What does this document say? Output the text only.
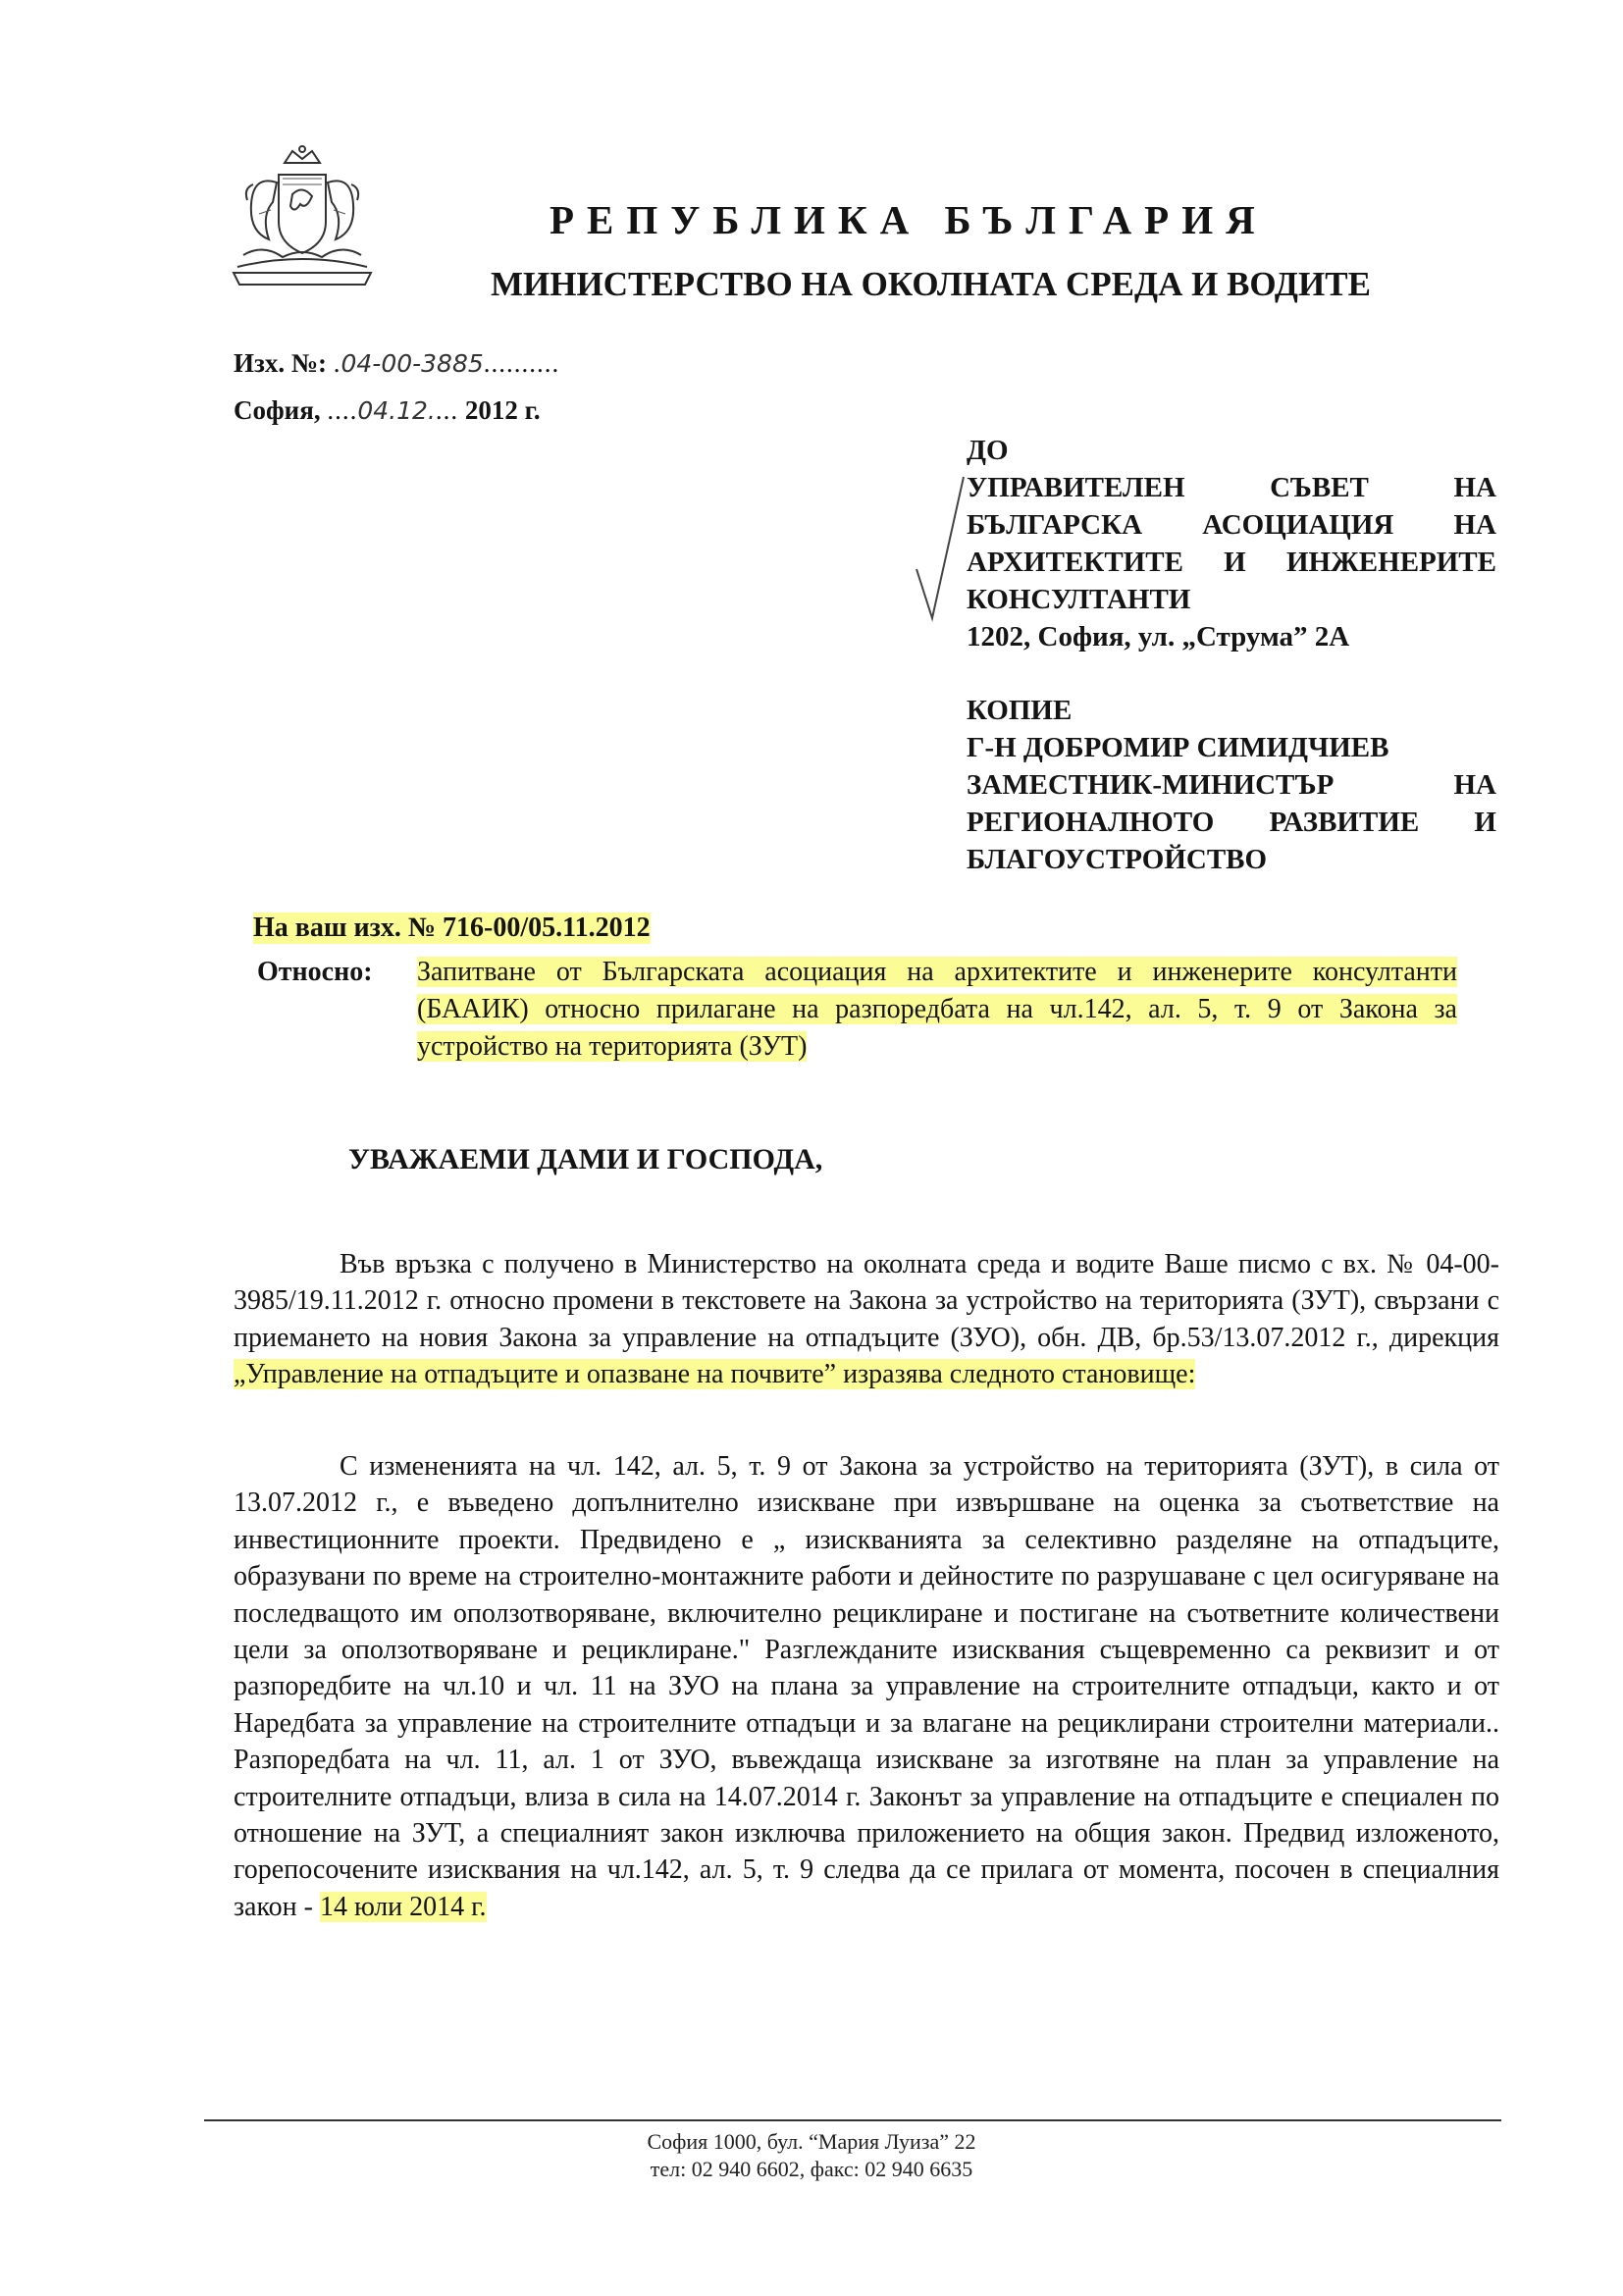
РЕПУБЛИКА БЪЛГАРИЯ
МИНИСТЕРСТВО НА ОКОЛНАТА СРЕДА И ВОДИТЕ
Изх. №: .04-00-3885..........
София, ....04.12.... 2012 г.
ДО
УПРАВИТЕЛЕН СЪВЕТ НА
БЪЛГАРСКА АСОЦИАЦИЯ НА
АРХИТЕКТИТЕ И ИНЖЕНЕРИТЕ
КОНСУЛТАНТИ
1202, София, ул. „Струма” 2А
КОПИЕ
Г-Н ДОБРОМИР СИМИДЧИЕВ
ЗАМЕСТНИК-МИНИСТЪР НА
РЕГИОНАЛНОТО РАЗВИТИЕ И
БЛАГОУСТРОЙСТВО
На ваш изх. № 716-00/05.11.2012
Относно: Запитване от Българската асоциация на архитектите и инженерите консултанти (БААИК) относно прилагане на разпоредбата на чл.142, ал. 5, т. 9 от Закона за устройство на територията (ЗУТ)
УВАЖАЕМИ ДАМИ И ГОСПОДА,
Във връзка с получено в Министерство на околната среда и водите Ваше писмо с вх. № 04-00-3985/19.11.2012 г. относно промени в текстовете на Закона за устройство на територията (ЗУТ), свързани с приемането на новия Закона за управление на отпадъците (ЗУО), обн. ДВ, бр.53/13.07.2012 г., дирекция „Управление на отпадъците и опазване на почвите” изразява следното становище:
С измененията на чл. 142, ал. 5, т. 9 от Закона за устройство на територията (ЗУТ), в сила от 13.07.2012 г., е въведено допълнително изискване при извършване на оценка за съответствие на инвестиционните проекти. Предвидено е „ изискванията за селективно разделяне на отпадъците, образувани по време на строително-монтажните работи и дейностите по разрушаване с цел осигуряване на последващото им оползотворяване, включително рециклиране и постигане на съответните количествени цели за оползотворяване и рециклиране." Разглежданите изисквания същевременно са реквизит и от разпоредбите на чл.10 и чл. 11 на ЗУО на плана за управление на строителните отпадъци, както и от Наредбата за управление на строителните отпадъци и за влагане на рециклирани строителни материали.. Разпоредбата на чл. 11, ал. 1 от ЗУО, въвеждаща изискване за изготвяне на план за управление на строителните отпадъци, влиза в сила на 14.07.2014 г. Законът за управление на отпадъците е специален по отношение на ЗУТ, а специалният закон изключва приложението на общия закон. Предвид изложеното, горепосочените изисквания на чл.142, ал. 5, т. 9 следва да се прилага от момента, посочен в специалния закон - 14 юли 2014 г.
София 1000, бул. “Мария Луиза” 22
тел: 02 940 6602, факс: 02 940 6635
